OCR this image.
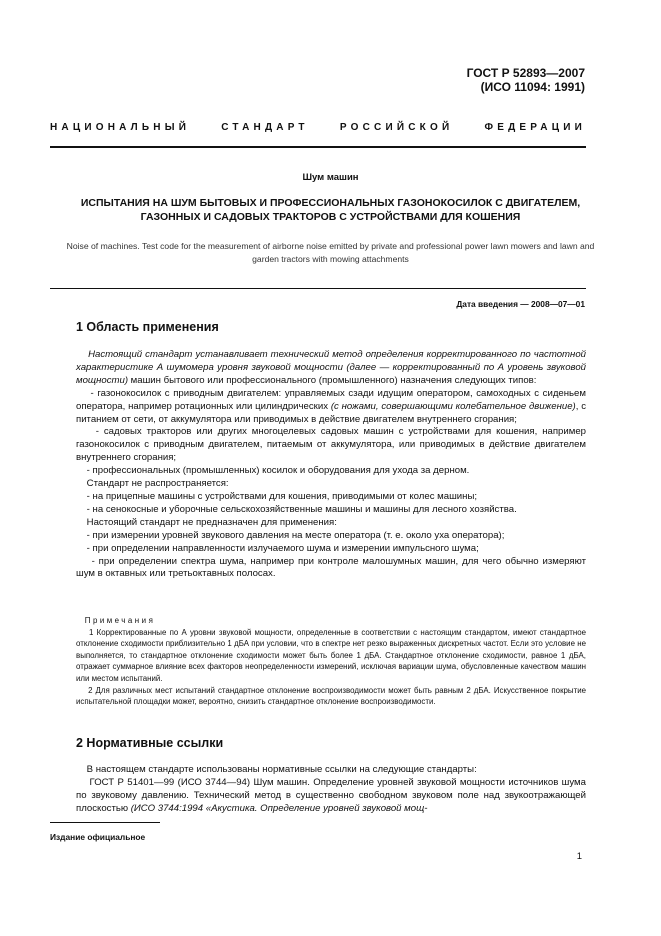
ГОСТ Р 52893—2007
(ИСО 11094: 1991)
НАЦИОНАЛЬНЫЙ СТАНДАРТ РОССИЙСКОЙ ФЕДЕРАЦИИ
Шум машин
ИСПЫТАНИЯ НА ШУМ БЫТОВЫХ И ПРОФЕССИОНАЛЬНЫХ ГАЗОНОКОСИЛОК С ДВИГАТЕЛЕМ, ГАЗОННЫХ И САДОВЫХ ТРАКТОРОВ С УСТРОЙСТВАМИ ДЛЯ КОШЕНИЯ
Noise of machines. Test code for the measurement of airborne noise emitted by private and professional power lawn mowers and lawn and garden tractors with mowing attachments
Дата введения — 2008—07—01
1 Область применения

Настоящий стандарт устанавливает технический метод определения корректированного по частотной характеристике А шумомера уровня звуковой мощности (далее — корректированный по А уровень звуковой мощности) машин бытового или профессионального (промышленного) назначения следующих типов:

- газонокосилок с приводным двигателем: управляемых сзади идущим оператором, самоходных с сиденьем оператора, например ротационных или цилиндрических (с ножами, совершающими колебательное движение), с питанием от сети, от аккумулятора или приводимых в действие двигателем внутреннего сгорания;

- садовых тракторов или других многоцелевых садовых машин с устройствами для кошения, например газонокосилок с приводным двигателем, питаемым от аккумулятора, или приводимых в действие двигателем внутреннего сгорания;

- профессиональных (промышленных) косилок и оборудования для ухода за дерном.

Стандарт не распространяется:

- на прицепные машины с устройствами для кошения, приводимыми от колес машины;

- на сенокосные и уборочные сельскохозяйственные машины и машины для лесного хозяйства.

Настоящий стандарт не предназначен для применения:

- при измерении уровней звукового давления на месте оператора (т. е. около уха оператора);

- при определении направленности излучаемого шума и измерении импульсного шума;

- при определении спектра шума, например при контроле малошумных машин, для чего обычно измеряют шум в октавных или третьоктавных полосах.

Примечания

1 Корректированные по А уровни звуковой мощности, определенные в соответствии с настоящим стандартом, имеют стандартное отклонение сходимости приблизительно 1 дБА при условии, что в спектре нет резко выраженных дискретных частот. Если это условие не выполняется, то стандартное отклонение сходимости может быть более 1 дБА. Стандартное отклонение сходимости, равное 1 дБА, отражает суммарное влияние всех факторов неопределенности измерений, исключая вариации шума, обусловленные качеством машин или местом испытаний.

2 Для различных мест испытаний стандартное отклонение воспроизводимости может быть равным 2 дБА. Искусственное покрытие испытательной площадки может, вероятно, снизить стандартное отклонение воспроизводимости.

2 Нормативные ссылки

В настоящем стандарте использованы нормативные ссылки на следующие стандарты:

ГОСТ Р 51401—99 (ИСО 3744—94) Шум машин. Определение уровней звуковой мощности источников шума по звуковому давлению. Технический метод в существенно свободном звуковом поле над звукоотражающей плоскостью (ИСО 3744:1994 «Акустика. Определение уровней звуковой мощ-

Издание официальное
1
